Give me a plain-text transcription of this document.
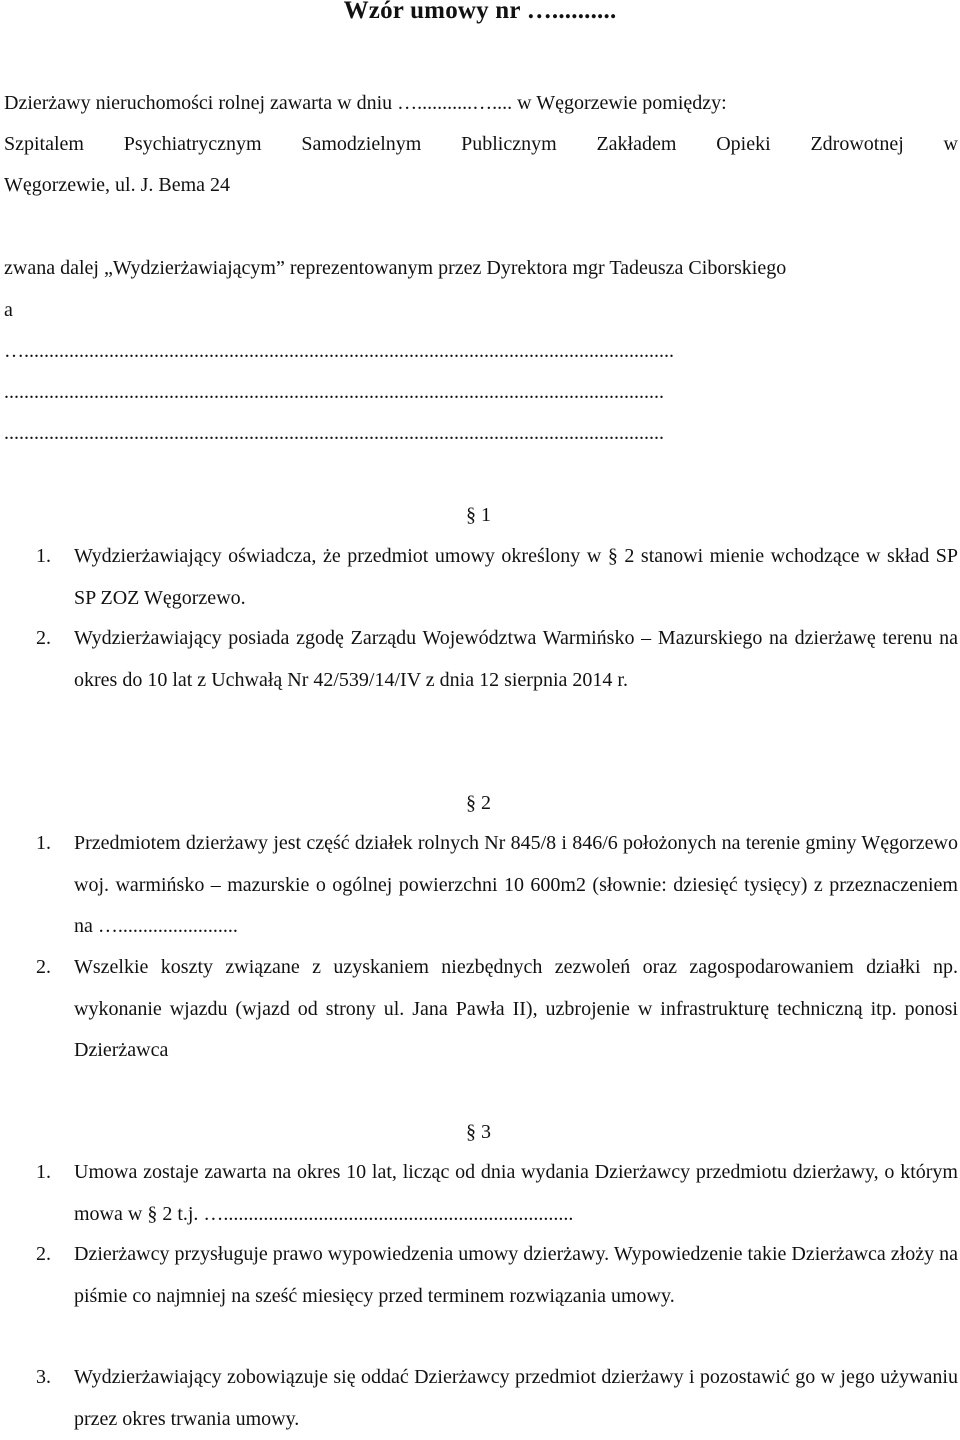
Wzór umowy nr …..........
Dzierżawy nieruchomości rolnej zawarta w dniu …...........….... w Węgorzewie pomiędzy:
Szpitalem Psychiatrycznym Samodzielnym Publicznym Zakładem Opieki Zdrowotnej w
Węgorzewie, ul. J. Bema 24
zwana dalej „Wydzierżawiającym” reprezentowanym przez Dyrektora mgr Tadeusza Ciborskiego
a
…..................................................................................................................................
....................................................................................................................................
....................................................................................................................................
§ 1
1.	Wydzierżawiający oświadcza, że przedmiot umowy określony w § 2 stanowi mienie wchodzące w skład SP SP ZOZ Węgorzewo.
2.	Wydzierżawiający posiada zgodę Zarządu Województwa Warmińsko – Mazurskiego na dzierżawę terenu na okres do 10 lat z Uchwałą Nr 42/539/14/IV z dnia 12 sierpnia 2014 r.
§ 2
1.	Przedmiotem dzierżawy jest część działek rolnych Nr 845/8 i 846/6 położonych na terenie gminy Węgorzewo woj. warmińsko – mazurskie o ogólnej powierzchni 10 600m2 (słownie: dziesięć tysięcy) z przeznaczeniem na …........................
2.	Wszelkie koszty związane z uzyskaniem niezbędnych zezwoleń oraz zagospodarowaniem działki np. wykonanie wjazdu (wjazd od strony ul. Jana Pawła II), uzbrojenie w infrastrukturę techniczną itp. ponosi Dzierżawca
§ 3
1.	Umowa zostaje zawarta na okres 10 lat, licząc od dnia wydania Dzierżawcy przedmiotu dzierżawy, o którym mowa w § 2 t.j. …......................................................................
2.	Dzierżawcy przysługuje prawo wypowiedzenia umowy dzierżawy. Wypowiedzenie takie Dzierżawca złoży na piśmie co najmniej na sześć miesięcy przed terminem rozwiązania umowy.
3.	Wydzierżawiający zobowiązuje się oddać Dzierżawcy przedmiot dzierżawy i pozostawić go w jego używaniu przez okres trwania umowy.
